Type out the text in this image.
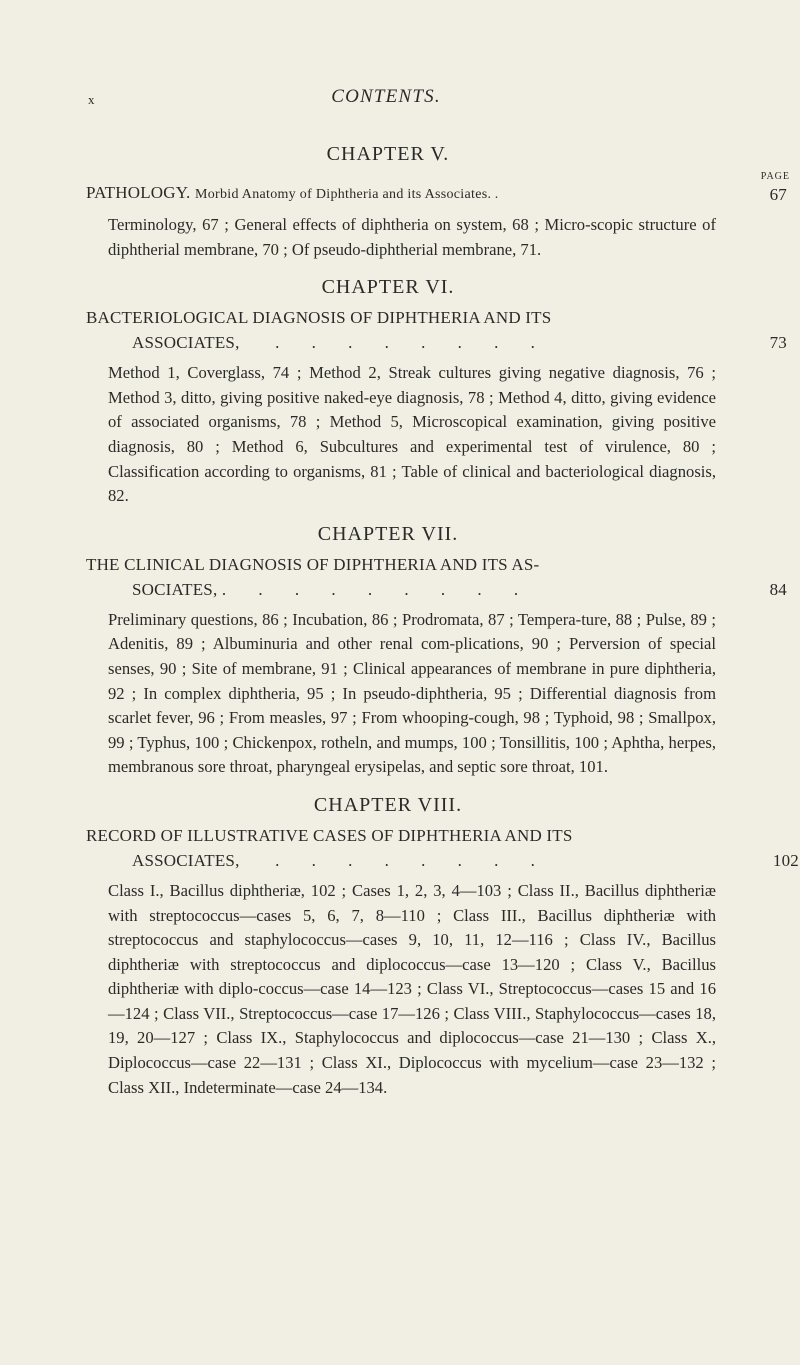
x	CONTENTS.
CHAPTER V.
PAGE
PATHOLOGY. Morbid Anatomy of Diphtheria and its Associates. .	67
Terminology, 67 ; General effects of diphtheria on system, 68 ; Micro-scopic structure of diphtherial membrane, 70 ; Of pseudo-diphtherial membrane, 71.
CHAPTER VI.
BACTERIOLOGICAL DIAGNOSIS OF DIPHTHERIA AND ITS
ASSOCIATES, . . . . . . . .	73
Method 1, Coverglass, 74 ; Method 2, Streak cultures giving negative diagnosis, 76 ; Method 3, ditto, giving positive naked-eye diagnosis, 78 ; Method 4, ditto, giving evidence of associated organisms, 78 ; Method 5, Microscopical examination, giving positive diagnosis, 80 ; Method 6, Subcultures and experimental test of virulence, 80 ; Classification according to organisms, 81 ; Table of clinical and bacteriological diagnosis, 82.
CHAPTER VII.
THE CLINICAL DIAGNOSIS OF DIPHTHERIA AND ITS AS-
SOCIATES, . . . . . . . . .	84
Preliminary questions, 86 ; Incubation, 86 ; Prodromata, 87 ; Tempera-ture, 88 ; Pulse, 89 ; Adenitis, 89 ; Albuminuria and other renal com-plications, 90 ; Perversion of special senses, 90 ; Site of membrane, 91 ; Clinical appearances of membrane in pure diphtheria, 92 ; In complex diphtheria, 95 ; In pseudo-diphtheria, 95 ; Differential diagnosis from scarlet fever, 96 ; From measles, 97 ; From whooping-cough, 98 ; Typhoid, 98 ; Smallpox, 99 ; Typhus, 100 ; Chickenpox, rotheln, and mumps, 100 ; Tonsillitis, 100 ; Aphtha, herpes, membranous sore throat, pharyngeal erysipelas, and septic sore throat, 101.
CHAPTER VIII.
RECORD OF ILLUSTRATIVE CASES OF DIPHTHERIA AND ITS
ASSOCIATES, . . . . . . . .	102
Class I., Bacillus diphtheriæ, 102 ; Cases 1, 2, 3, 4—103 ; Class II., Bacillus diphtheriæ with streptococcus—cases 5, 6, 7, 8—110 ; Class III., Bacillus diphtheriæ with streptococcus and staphylococcus—cases 9, 10, 11, 12—116 ; Class IV., Bacillus diphtheriæ with streptococcus and diplococcus—case 13—120 ; Class V., Bacillus diphtheriæ with diplo-coccus—case 14—123 ; Class VI., Streptococcus—cases 15 and 16—124 ; Class VII., Streptococcus—case 17—126 ; Class VIII., Staphylococcus—cases 18, 19, 20—127 ; Class IX., Staphylococcus and diplococcus—case 21—130 ; Class X., Diplococcus—case 22—131 ; Class XI., Diplococcus with mycelium—case 23—132 ; Class XII., Indeterminate—case 24—134.
